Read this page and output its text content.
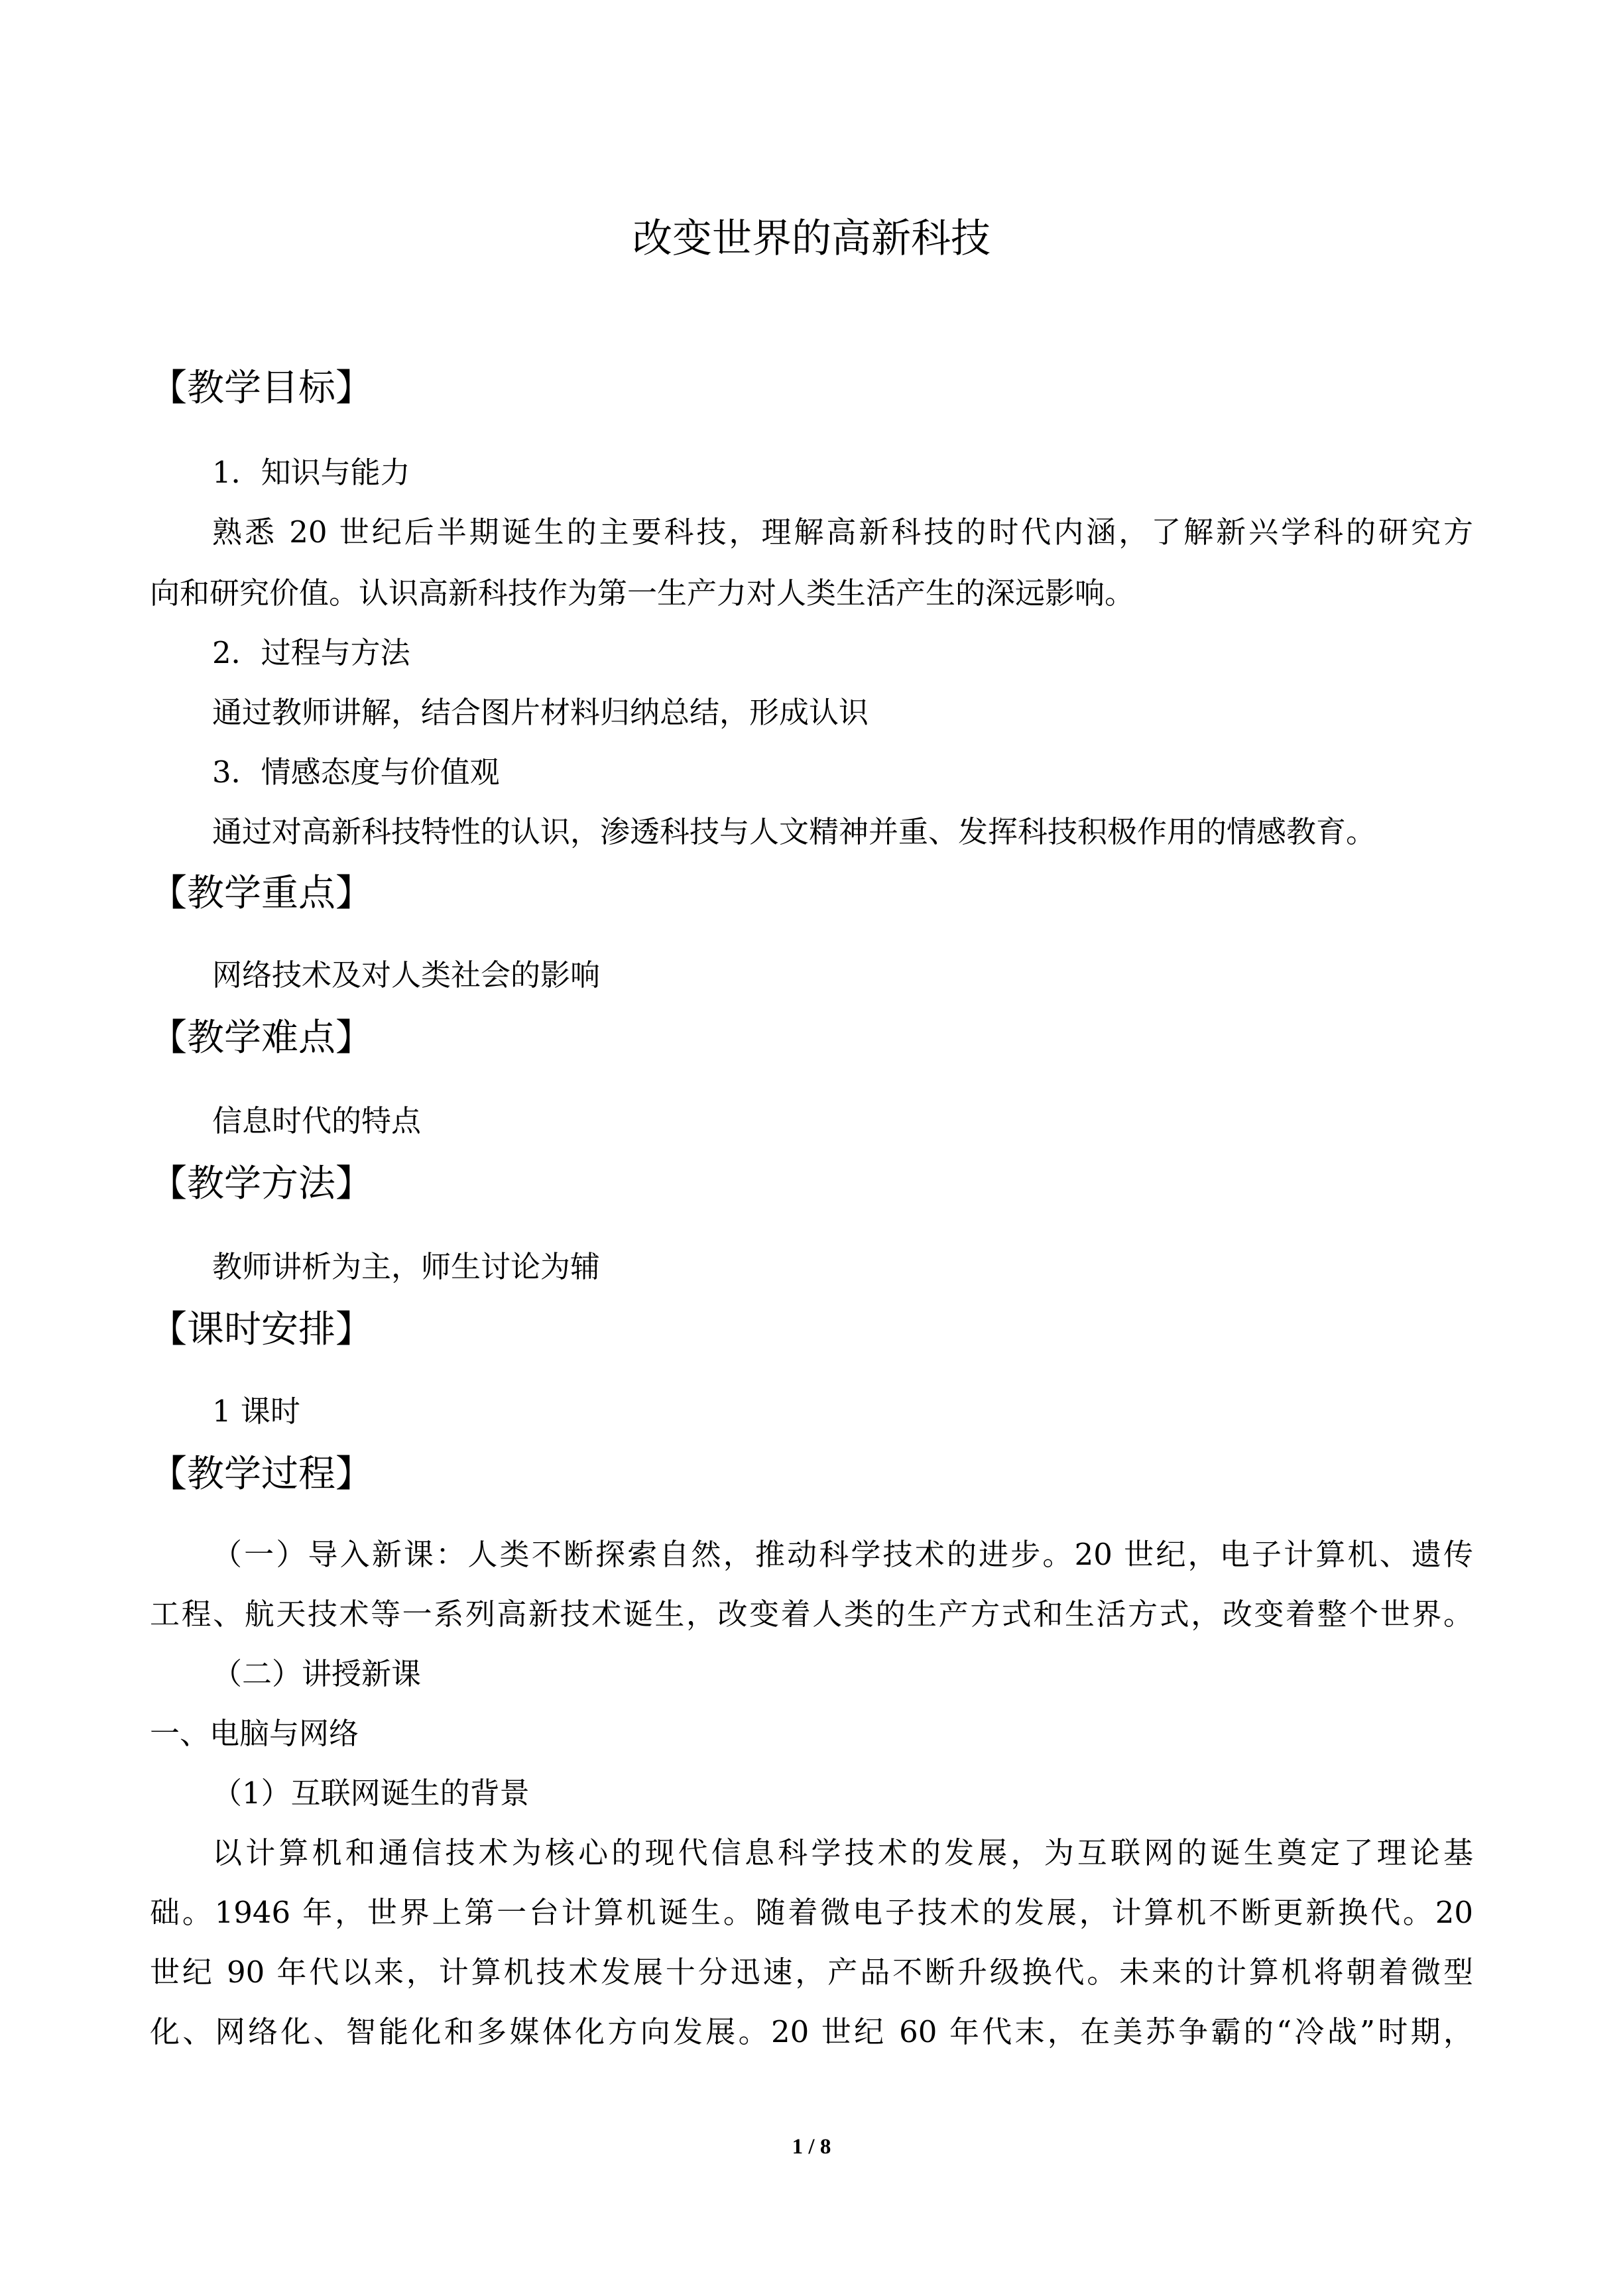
改变世界的高新科技
【教学目标】
1．知识与能力
熟悉 20 世纪后半期诞生的主要科技，理解高新科技的时代内涵，了解新兴学科的研究方
向和研究价值。认识高新科技作为第一生产力对人类生活产生的深远影响。
2．过程与方法
通过教师讲解，结合图片材料归纳总结，形成认识
3．情感态度与价值观
通过对高新科技特性的认识，渗透科技与人文精神并重、发挥科技积极作用的情感教育。
【教学重点】
网络技术及对人类社会的影响
【教学难点】
信息时代的特点
【教学方法】
教师讲析为主，师生讨论为辅
【课时安排】
1 课时
【教学过程】
（一）导入新课：人类不断探索自然，推动科学技术的进步。20 世纪，电子计算机、遗传
工程、航天技术等一系列高新技术诞生，改变着人类的生产方式和生活方式，改变着整个世界。
（二）讲授新课
一、电脑与网络
（1）互联网诞生的背景
以计算机和通信技术为核心的现代信息科学技术的发展，为互联网的诞生奠定了理论基
础。1946 年，世界上第一台计算机诞生。随着微电子技术的发展，计算机不断更新换代。20
世纪 90 年代以来，计算机技术发展十分迅速，产品不断升级换代。未来的计算机将朝着微型
化、网络化、智能化和多媒体化方向发展。20 世纪 60 年代末，在美苏争霸的“冷战”时期，
1 / 8
